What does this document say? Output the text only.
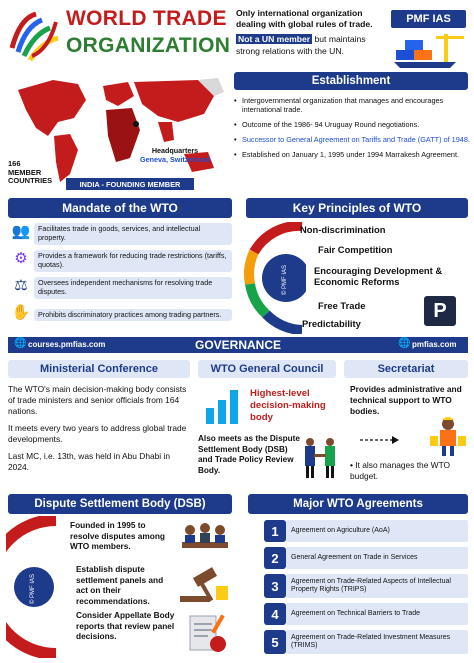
WORLD TRADE
ORGANIZATION
Only international organization dealing with global rules of trade.
Not a UN member but maintains strong relations with the UN.
PMF IAS
Headquarters
Geneva, Switzerland
166
MEMBER COUNTRIES	INDIA - FOUNDING MEMBER
Establishment
• Intergovernmental organization that manages and encourages international trade.
• Outcome of the 1986- 94 Uruguay Round negotiations.
• Successor to General Agreement on Tariffs and Trade (GATT) of 1948.
• Established on January 1, 1995 under 1994 Marrakesh Agreement.
Mandate of the WTO
👥	Facilitates trade in goods, services, and intellectual property.
⚙	Provides a framework for reducing trade restrictions (tariffs, quotas).
⚖	Oversees independent mechanisms for resolving trade disputes.
✋	Prohibits discriminatory practices among trading partners.
Key Principles of WTO
© PMF IAS
Non-discrimination
Fair Competition
Encouraging Development & Economic Reforms
Free Trade
Predictability
P
🌐 courses.pmfias.com	GOVERNANCE	🌐 pmfias.com
Ministerial Conference

The WTO's main decision-making body consists of trade ministers and senior officials from 164 nations.

It meets every two years to address global trade developments.

Last MC, i.e. 13th, was held in Abu Dhabi in 2024.

WTO General Council
Highest-level decision-making body
Also meets as the Dispute Settlement Body (DSB) and Trade Policy Review Body.
Secretariat
Provides administrative and technical support to WTO bodies.
• It also manages the WTO budget.
Dispute Settlement Body (DSB)
© PMF IAS
Founded in 1995 to resolve disputes among WTO members.
Establish dispute settlement panels and act on their recommendations.
Consider Appellate Body reports that review panel decisions.
Major WTO Agreements
1	Agreement on Agriculture (AoA)
2	General Agreement on Trade in Services
3	Agreement on Trade-Related Aspects of Intellectual Property Rights (TRIPS)
4	Agreement on Technical Barriers to Trade
5	Agreement on Trade-Related Investment Measures (TRIMS)
